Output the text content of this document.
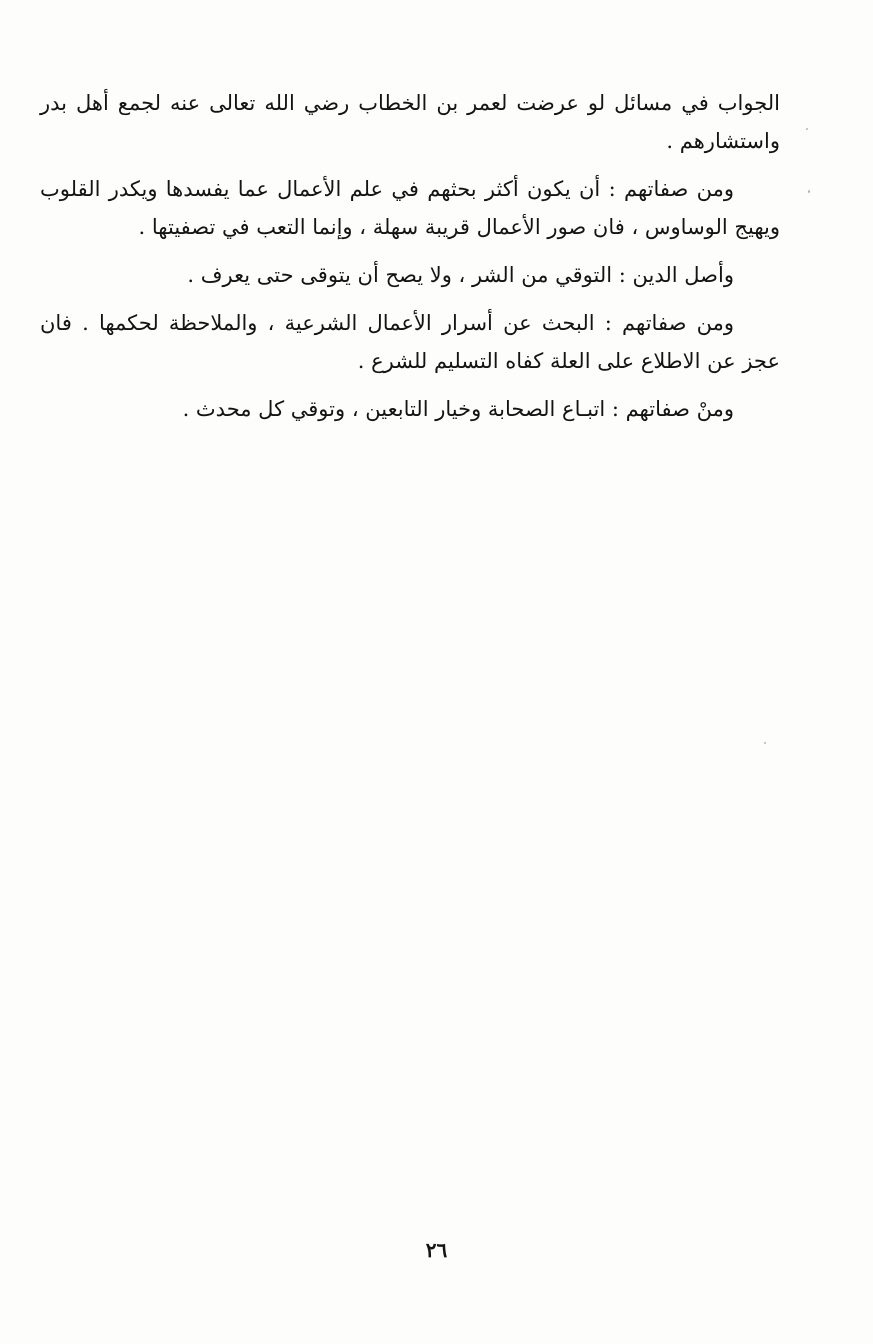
الجواب في مسائل لو عرضت لعمر بن الخطاب رضي الله تعالى عنه لجمع أهل بدر واستشارهم .

ومن صفاتهم : أن يكون أكثر بحثهم في علم الأعمال عما يفسدها ويكدر القلوب ويهيج الوساوس ، فان صور الأعمال قريبة سهلة ، وإنما التعب في تصفيتها .

وأصل الدين : التوقي من الشر ، ولا يصح أن يتوقى حتى يعرف .

ومن صفاتهم : البحث عن أسرار الأعمال الشرعية ، والملاحظة لحكمها . فان عجز عن الاطلاع على العلة كفاه التسليم للشرع .

ومنْ صفاتهم : اتبـاع الصحابة وخيار التابعين ، وتوقي كل محدث .

٢٦
